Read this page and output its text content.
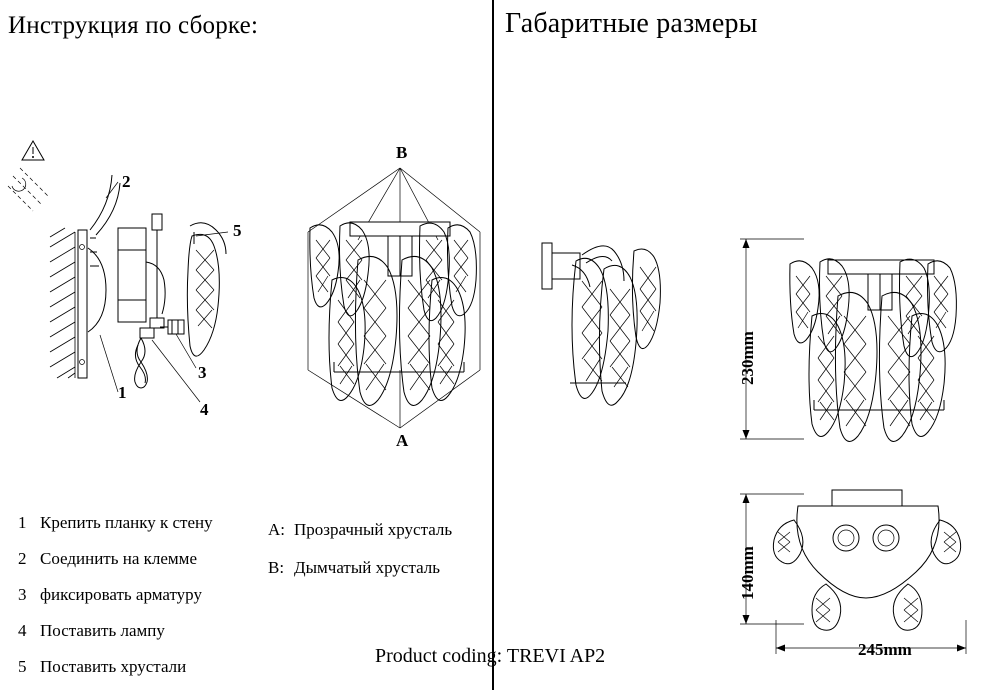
Инструкция по сборке:	Габаритные размеры
1
2
3
4
5
B
A
230mm
140mm
245mm
1 Крепить планку к стену
2 Соединить на клемме
3 фиксировать арматуру
4 Поставить лампу
5 Поставить хрустали
A: Прозрачный хрусталь
B: Дымчатый хрусталь
Product coding: TREVI AP2
